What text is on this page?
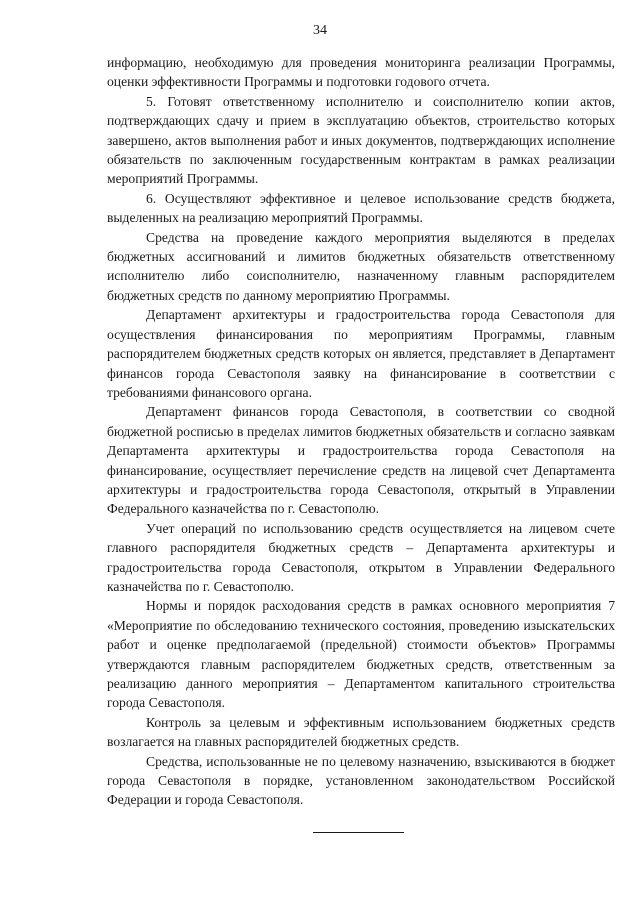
34

информацию, необходимую для проведения мониторинга реализации Программы, оценки эффективности Программы и подготовки годового отчета.

5. Готовят ответственному исполнителю и соисполнителю копии актов, подтверждающих сдачу и прием в эксплуатацию объектов, строительство которых завершено, актов выполнения работ и иных документов, подтверждающих исполнение обязательств по заключенным государственным контрактам в рамках реализации мероприятий Программы.

6. Осуществляют эффективное и целевое использование средств бюджета, выделенных на реализацию мероприятий Программы.

Средства на проведение каждого мероприятия выделяются в пределах бюджетных ассигнований и лимитов бюджетных обязательств ответственному исполнителю либо соисполнителю, назначенному главным распорядителем бюджетных средств по данному мероприятию Программы.

Департамент архитектуры и градостроительства города Севастополя для осуществления финансирования по мероприятиям Программы, главным распорядителем бюджетных средств которых он является, представляет в Департамент финансов города Севастополя заявку на финансирование в соответствии с требованиями финансового органа.

Департамент финансов города Севастополя, в соответствии со сводной бюджетной росписью в пределах лимитов бюджетных обязательств и согласно заявкам Департамента архитектуры и градостроительства города Севастополя на финансирование, осуществляет перечисление средств на лицевой счет Департамента архитектуры и градостроительства города Севастополя, открытый в Управлении Федерального казначейства по г. Севастополю.

Учет операций по использованию средств осуществляется на лицевом счете главного распорядителя бюджетных средств – Департамента архитектуры и градостроительства города Севастополя, открытом в Управлении Федерального казначейства по г. Севастополю.

Нормы и порядок расходования средств в рамках основного мероприятия 7 «Мероприятие по обследованию технического состояния, проведению изыскательских работ и оценке предполагаемой (предельной) стоимости объектов» Программы утверждаются главным распорядителем бюджетных средств, ответственным за реализацию данного мероприятия – Департаментом капитального строительства города Севастополя.

Контроль за целевым и эффективным использованием бюджетных средств возлагается на главных распорядителей бюджетных средств.

Средства, использованные не по целевому назначению, взыскиваются в бюджет города Севастополя в порядке, установленном законодательством Российской Федерации и города Севастополя.
